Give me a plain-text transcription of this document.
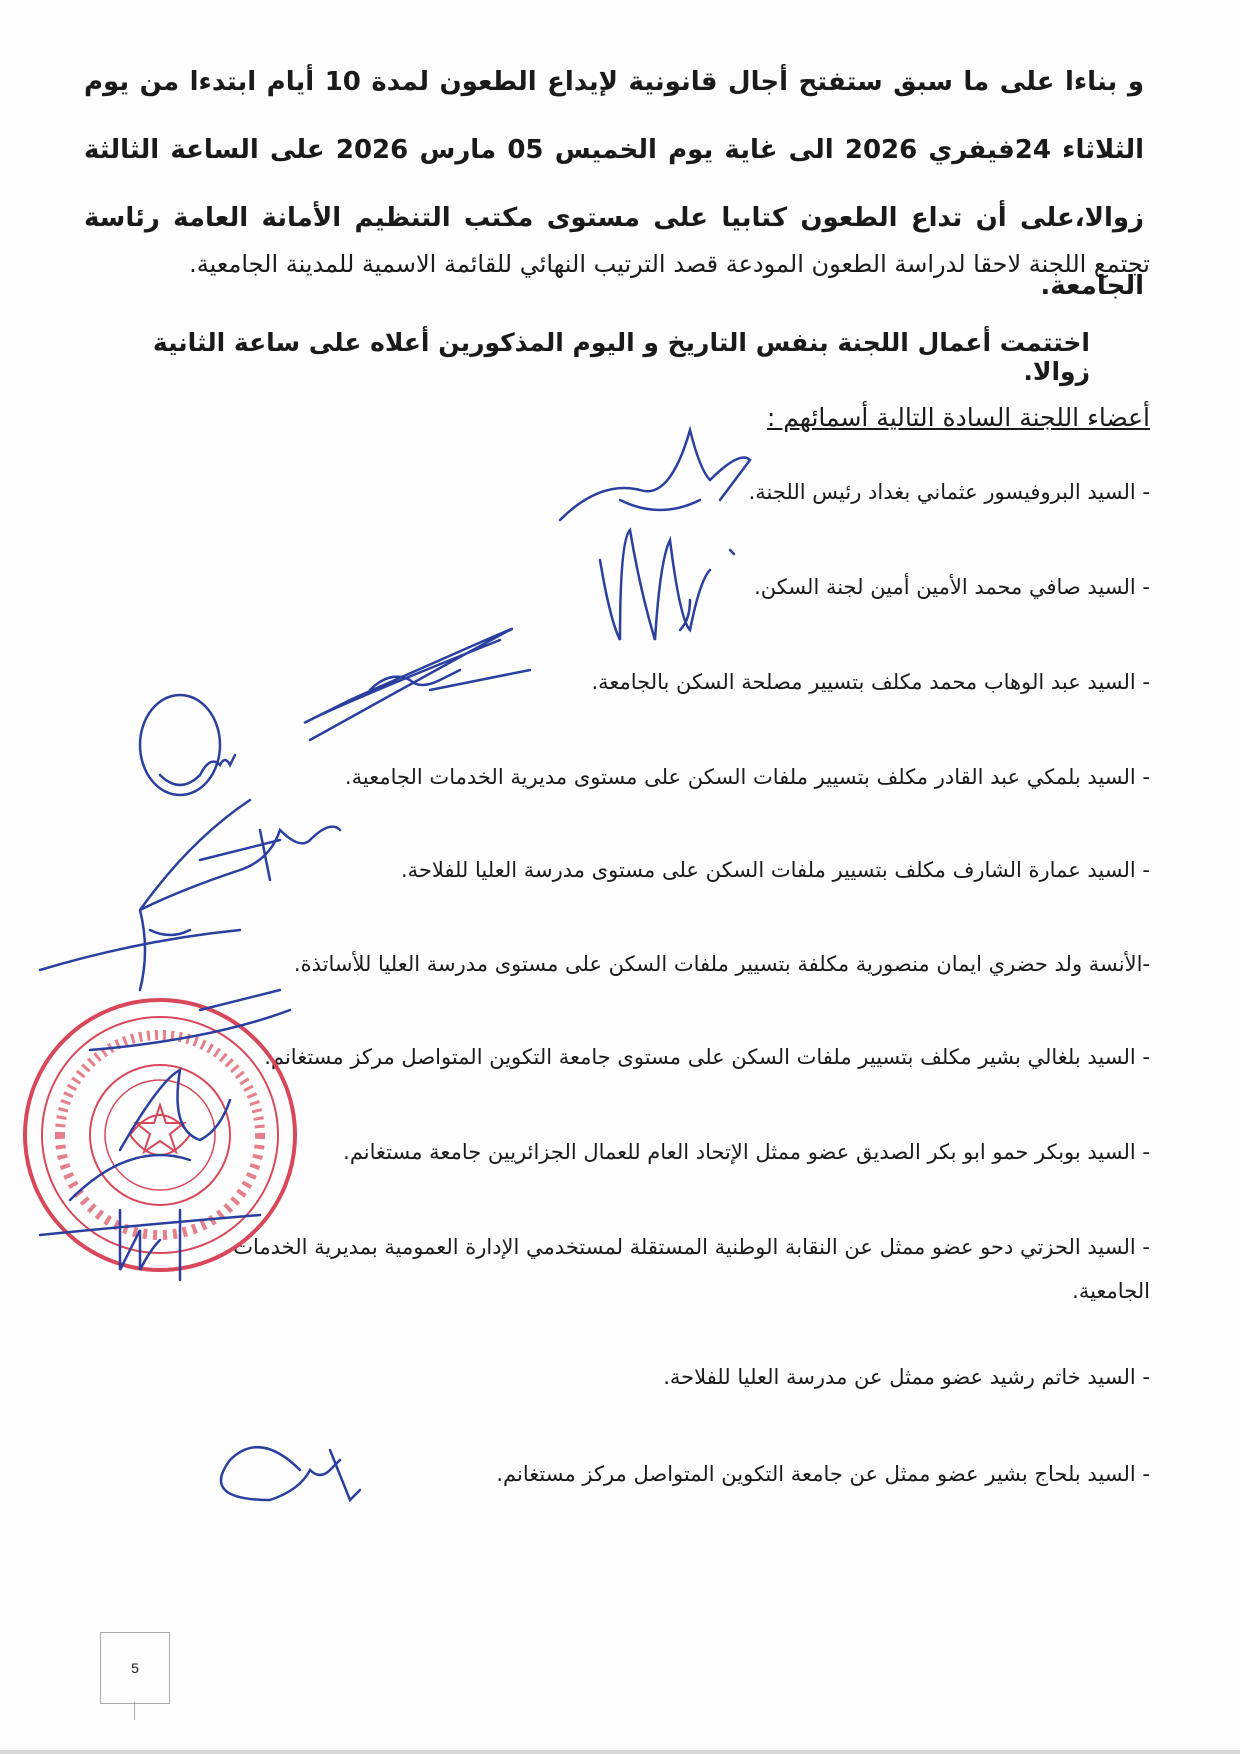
و بناءا على ما سبق ستفتح أجال قانونية لإيداع الطعون لمدة 10 أيام ابتدءا من يوم الثلاثاء 24فيفري 2026 الى غاية يوم الخميس 05 مارس 2026 على الساعة الثالثة زوالا،على أن تداع الطعون كتابيا على مستوى مكتب التنظيم الأمانة العامة رئاسة الجامعة.
تجتمع اللجنة لاحقا لدراسة الطعون المودعة قصد الترتيب النهائي للقائمة الاسمية للمدينة الجامعية.
اختتمت أعمال اللجنة بنفس التاريخ و اليوم المذكورين أعلاه على ساعة الثانية زوالا.
أعضاء اللجنة السادة التالية أسمائهم :
- السيد البروفيسور عثماني بغداد رئيس اللجنة.
- السيد صافي محمد الأمين أمين لجنة السكن.
- السيد عبد الوهاب محمد مكلف بتسيير مصلحة السكن بالجامعة.
- السيد بلمكي عبد القادر مكلف بتسيير ملفات السكن على مستوى مديرية الخدمات الجامعية.
- السيد عمارة الشارف مكلف بتسيير ملفات السكن على مستوى مدرسة العليا للفلاحة.
-الأنسة ولد حضري ايمان منصورية مكلفة بتسيير ملفات السكن على مستوى مدرسة العليا للأساتذة.
- السيد بلغالي بشير مكلف بتسيير ملفات السكن على مستوى جامعة التكوين المتواصل مركز مستغانم.
- السيد بوبكر حمو ابو بكر الصديق عضو ممثل الإتحاد العام للعمال الجزائريين جامعة مستغانم.
- السيد الحزتي دحو عضو ممثل عن النقابة الوطنية المستقلة لمستخدمي الإدارة العمومية بمديرية الخدمات الجامعية.
- السيد خاتم رشيد عضو ممثل عن مدرسة العليا للفلاحة.
- السيد بلحاج بشير عضو ممثل عن جامعة التكوين المتواصل مركز مستغانم.
5
